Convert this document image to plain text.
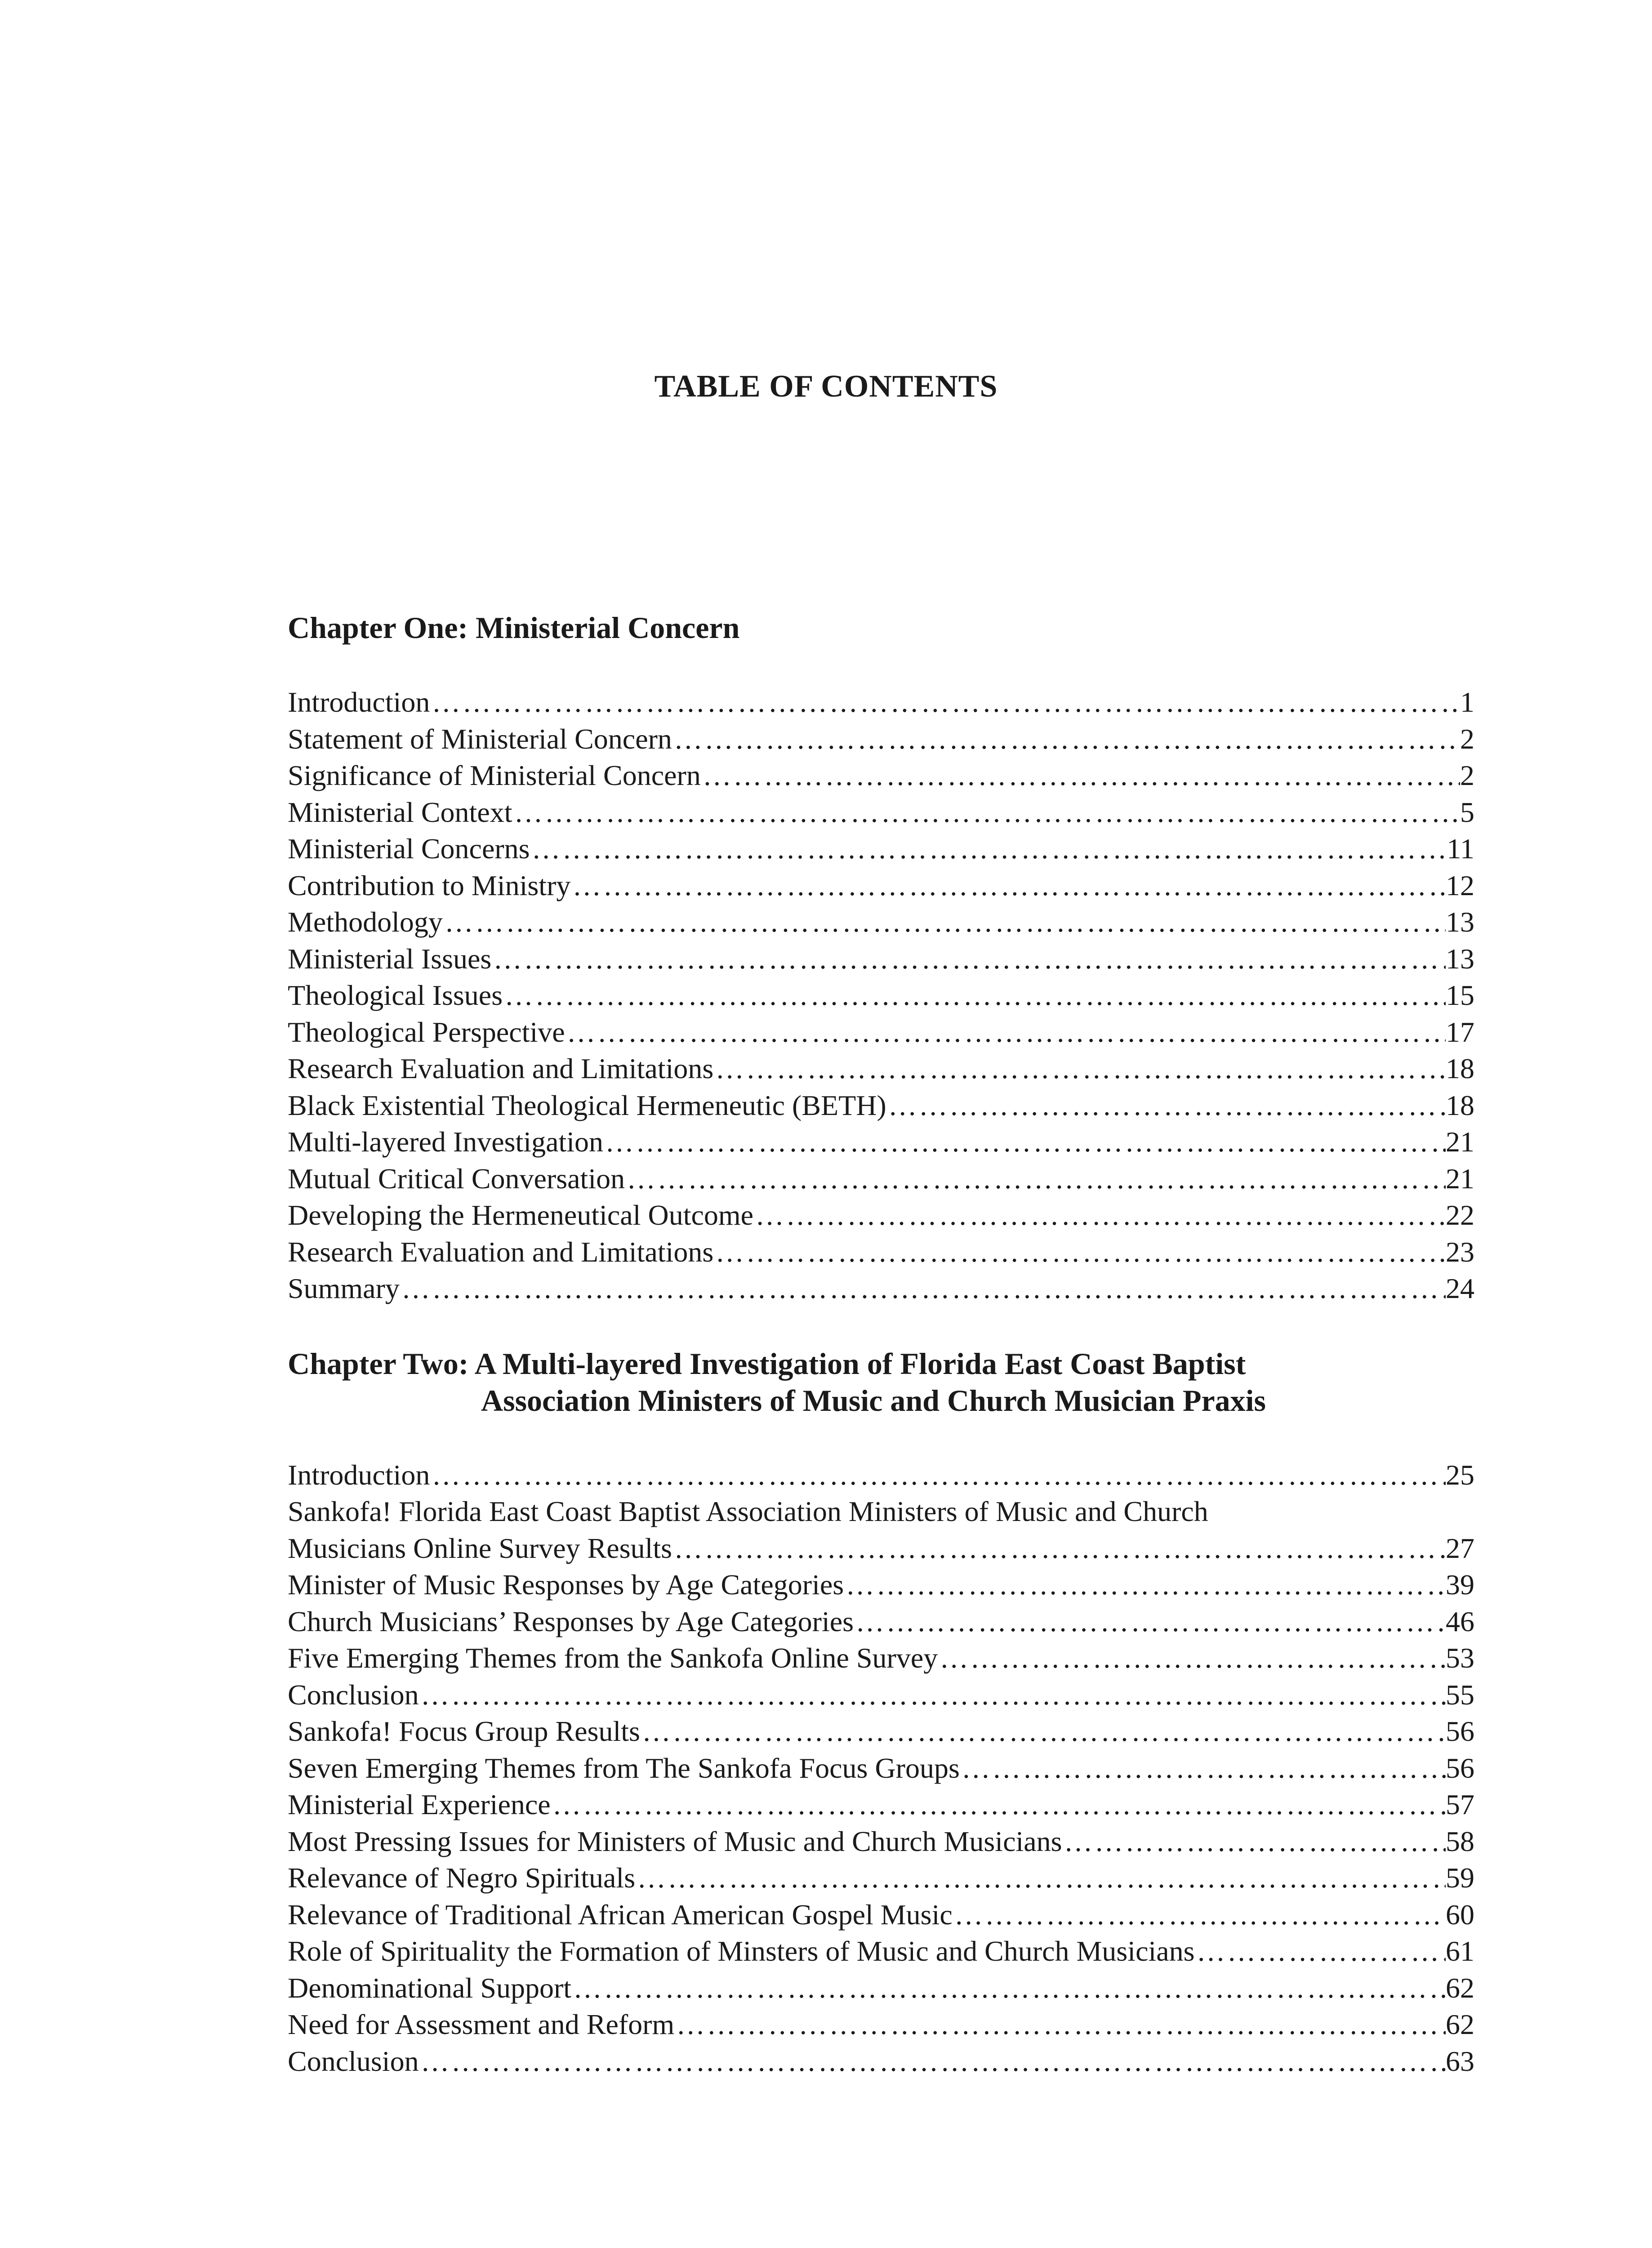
TABLE OF CONTENTS
Chapter One: Ministerial Concern
Introduction ……………………………………………………………………………………………………………………………………………………………………………………………………………………	1
Statement of Ministerial Concern ……………………………………………………………………………………………………………………………………………………………………………………………………………………	2
Significance of Ministerial Concern ……………………………………………………………………………………………………………………………………………………………………………………………………………………	2
Ministerial Context ……………………………………………………………………………………………………………………………………………………………………………………………………………………	5
Ministerial Concerns ……………………………………………………………………………………………………………………………………………………………………………………………………………………	11
Contribution to Ministry ……………………………………………………………………………………………………………………………………………………………………………………………………………………	12
Methodology ……………………………………………………………………………………………………………………………………………………………………………………………………………………	13
Ministerial Issues ……………………………………………………………………………………………………………………………………………………………………………………………………………………	13
Theological Issues ……………………………………………………………………………………………………………………………………………………………………………………………………………………	15
Theological Perspective ……………………………………………………………………………………………………………………………………………………………………………………………………………………	17
Research Evaluation and Limitations ……………………………………………………………………………………………………………………………………………………………………………………………………………………	18
Black Existential Theological Hermeneutic (BETH) ……………………………………………………………………………………………………………………………………………………………………………………………………………………	18
Multi-layered Investigation ……………………………………………………………………………………………………………………………………………………………………………………………………………………	21
Mutual Critical Conversation ……………………………………………………………………………………………………………………………………………………………………………………………………………………	21
Developing the Hermeneutical Outcome ……………………………………………………………………………………………………………………………………………………………………………………………………………………	22
Research Evaluation and Limitations ……………………………………………………………………………………………………………………………………………………………………………………………………………………	23
Summary ……………………………………………………………………………………………………………………………………………………………………………………………………………………	24
Chapter Two: A Multi-layered Investigation of Florida East Coast Baptist
Association Ministers of Music and Church Musician Praxis
Introduction ……………………………………………………………………………………………………………………………………………………………………………………………………………………	25
Sankofa! Florida East Coast Baptist Association Ministers of Music and Church
Musicians Online Survey Results ……………………………………………………………………………………………………………………………………………………………………………………………………………………	27
Minister of Music Responses by Age Categories ……………………………………………………………………………………………………………………………………………………………………………………………………………………	39
Church Musicians’ Responses by Age Categories ……………………………………………………………………………………………………………………………………………………………………………………………………………………	46
Five Emerging Themes from the Sankofa Online Survey ……………………………………………………………………………………………………………………………………………………………………………………………………………………	53
Conclusion ……………………………………………………………………………………………………………………………………………………………………………………………………………………	55
Sankofa! Focus Group Results ……………………………………………………………………………………………………………………………………………………………………………………………………………………	56
Seven Emerging Themes from The Sankofa Focus Groups ……………………………………………………………………………………………………………………………………………………………………………………………………………………	56
Ministerial Experience ……………………………………………………………………………………………………………………………………………………………………………………………………………………	57
Most Pressing Issues for Ministers of Music and Church Musicians ……………………………………………………………………………………………………………………………………………………………………………………………………………………	58
Relevance of Negro Spirituals ……………………………………………………………………………………………………………………………………………………………………………………………………………………	59
Relevance of Traditional African American Gospel Music ……………………………………………………………………………………………………………………………………………………………………………………………………………………	60
Role of Spirituality the Formation of Minsters of Music and Church Musicians ……………………………………………………………………………………………………………………………………………………………………………………………………………………	61
Denominational Support ……………………………………………………………………………………………………………………………………………………………………………………………………………………	62
Need for Assessment and Reform ……………………………………………………………………………………………………………………………………………………………………………………………………………………	62
Conclusion ……………………………………………………………………………………………………………………………………………………………………………………………………………………	63
